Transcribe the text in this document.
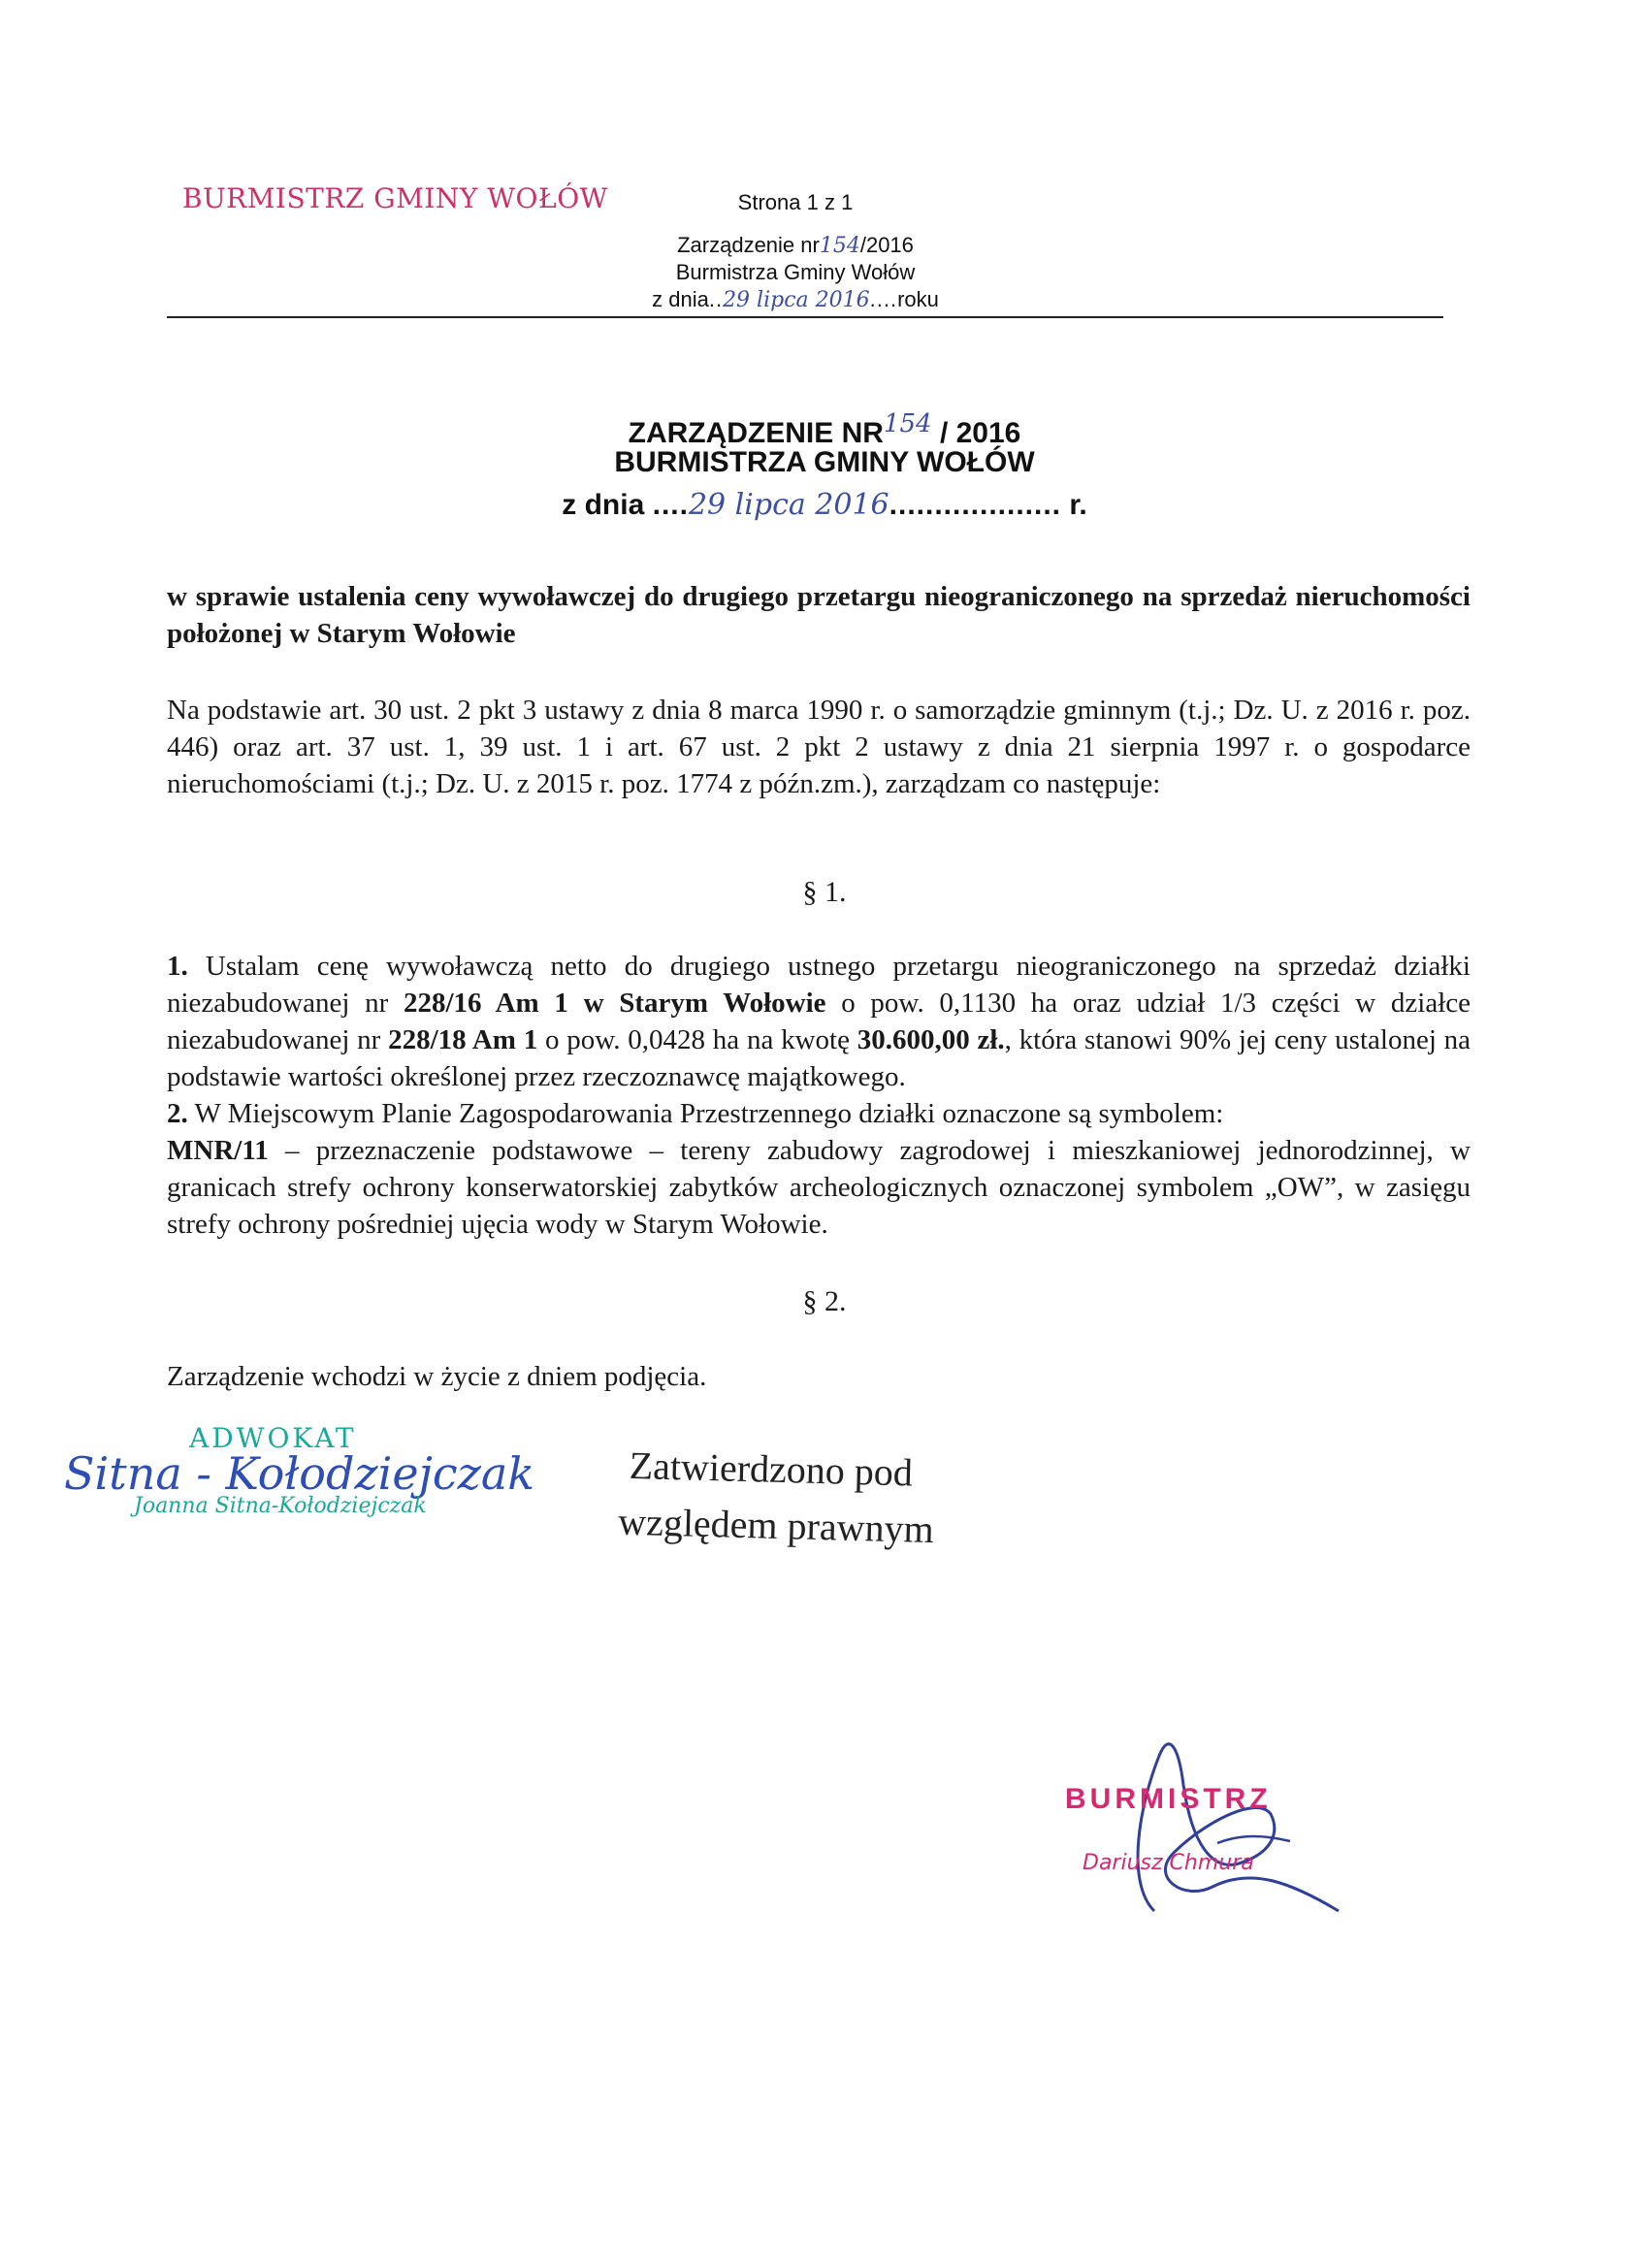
BURMISTRZ GMINY WOŁÓW	Strona 1 z 1
Zarządzenie nr154/2016
Burmistrza Gminy Wołów
z dnia..29 lipca 2016....roku
ZARZĄDZENIE NR154 / 2016
BURMISTRZA GMINY WOŁÓW
z dnia ....29 lipca 2016................... r.
w sprawie ustalenia ceny wywoławczej do drugiego przetargu nieograniczonego na sprzedaż nieruchomości położonej w Starym Wołowie
Na podstawie art. 30 ust. 2 pkt 3 ustawy z dnia 8 marca 1990 r. o samorządzie gminnym (t.j.; Dz. U. z 2016 r. poz. 446) oraz art. 37 ust. 1, 39 ust. 1 i art. 67 ust. 2 pkt 2 ustawy z dnia 21 sierpnia 1997 r. o gospodarce nieruchomościami (t.j.; Dz. U. z 2015 r. poz. 1774 z późn.zm.), zarządzam co następuje:
§ 1.
1. Ustalam cenę wywoławczą netto do drugiego ustnego przetargu nieograniczonego na sprzedaż działki niezabudowanej nr 228/16 Am 1 w Starym Wołowie o pow. 0,1130 ha oraz udział 1/3 części w działce niezabudowanej nr 228/18 Am 1 o pow. 0,0428 ha na kwotę 30.600,00 zł., która stanowi 90% jej ceny ustalonej na podstawie wartości określonej przez rzeczoznawcę majątkowego.
2. W Miejscowym Planie Zagospodarowania Przestrzennego działki oznaczone są symbolem:
MNR/11 – przeznaczenie podstawowe – tereny zabudowy zagrodowej i mieszkaniowej jednorodzinnej, w granicach strefy ochrony konserwatorskiej zabytków archeologicznych oznaczonej symbolem „OW”, w zasięgu strefy ochrony pośredniej ujęcia wody w Starym Wołowie.
§ 2.
Zarządzenie wchodzi w życie z dniem podjęcia.
ADWOKAT
Sitna - Kołodziejczak
Joanna Sitna-Kołodziejczak
Zatwierdzono pod
względem prawnym
BURMISTRZ
Dariusz Chmura
